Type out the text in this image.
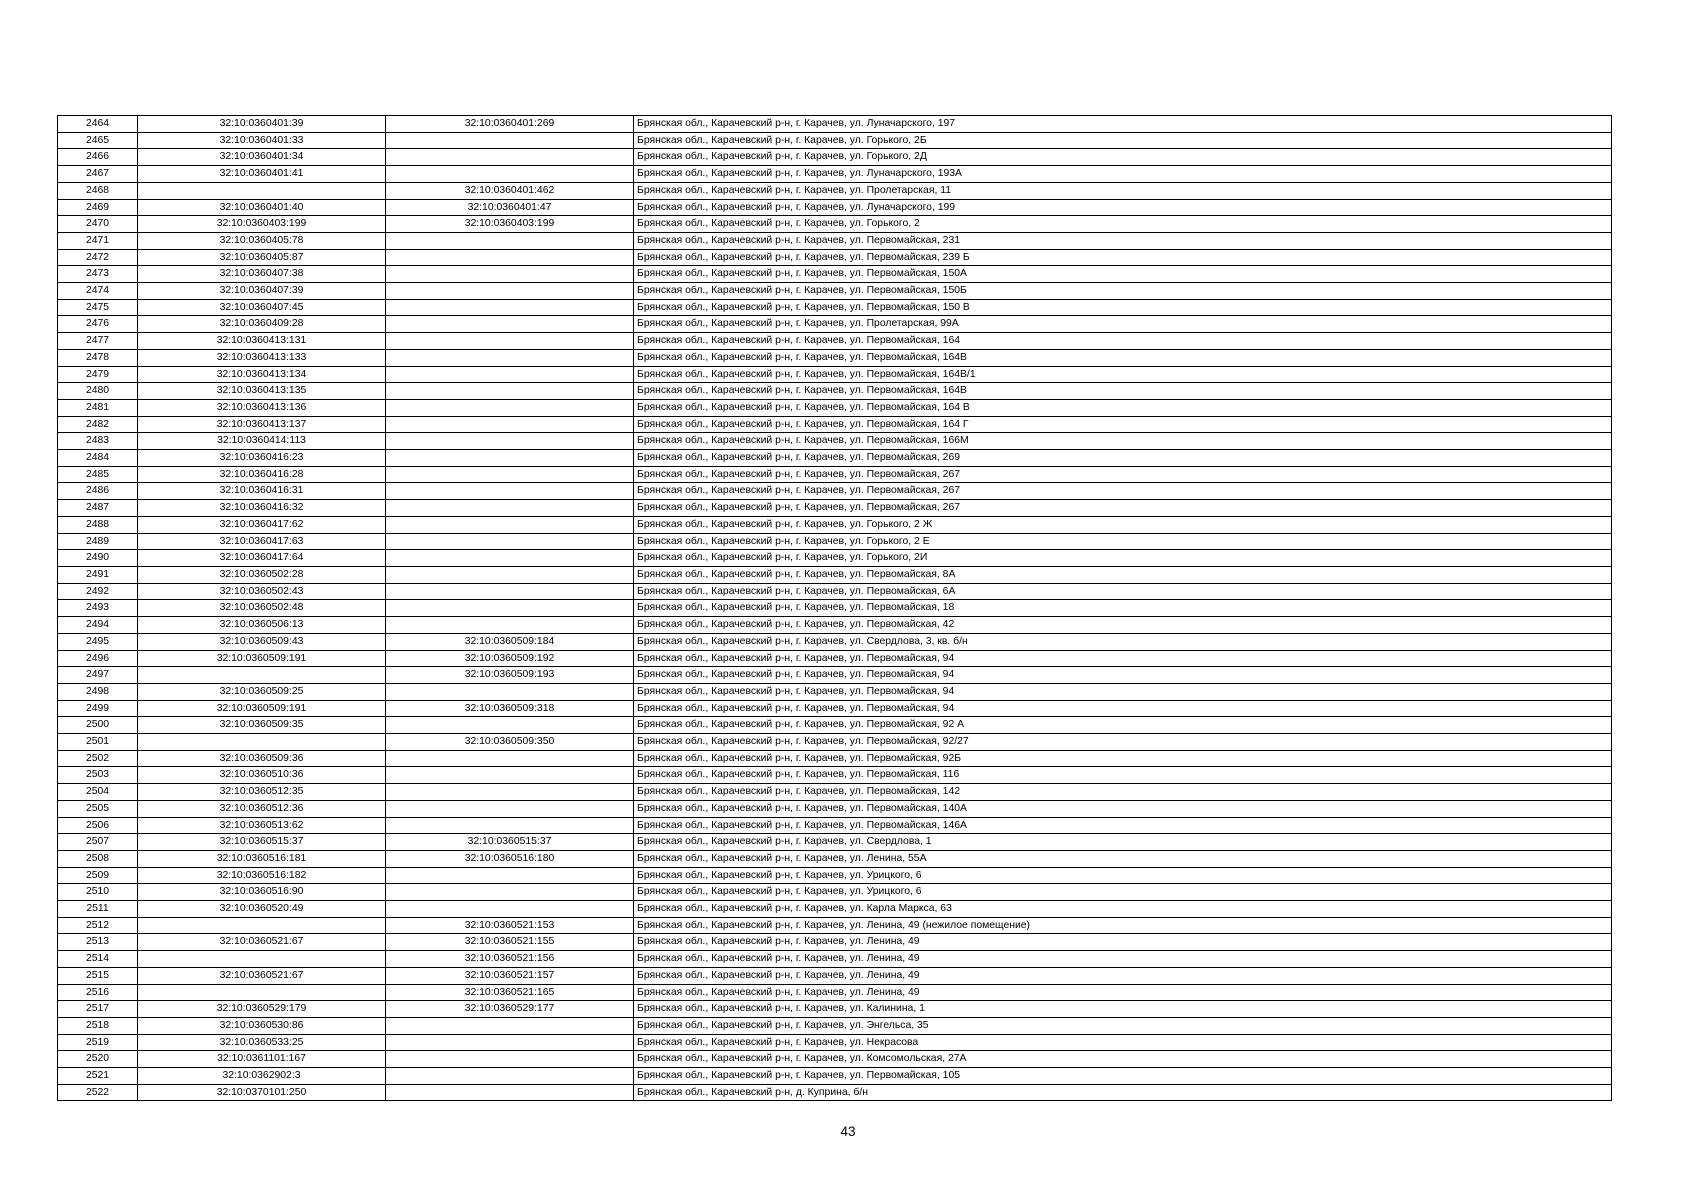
2464	32:10:0360401:39	32:10:0360401:269	Брянская обл., Карачевский р-н, г. Карачев, ул. Луначарского, 197
2465	32:10:0360401:33		Брянская обл., Карачевский р-н, г. Карачев, ул. Горького, 2Б
2466	32:10:0360401:34		Брянская обл., Карачевский р-н, г. Карачев, ул. Горького, 2Д
2467	32:10:0360401:41		Брянская обл., Карачевский р-н, г. Карачев, ул. Луначарского, 193А
2468		32:10:0360401:462	Брянская обл., Карачевский р-н, г. Карачев, ул. Пролетарская, 11
2469	32:10:0360401:40	32:10:0360401:47	Брянская обл., Карачевский р-н, г. Карачев, ул. Луначарского, 199
2470	32:10:0360403:199	32:10:0360403:199	Брянская обл., Карачевский р-н, г. Карачев, ул. Горького, 2
2471	32:10:0360405:78		Брянская обл., Карачевский р-н, г. Карачев, ул. Первомайская, 231
2472	32:10:0360405:87		Брянская обл., Карачевский р-н, г. Карачев, ул. Первомайская, 239 Б
2473	32:10:0360407:38		Брянская обл., Карачевский р-н, г. Карачев, ул. Первомайская, 150А
2474	32:10:0360407:39		Брянская обл., Карачевский р-н, г. Карачев, ул. Первомайская, 150Б
2475	32:10:0360407:45		Брянская обл., Карачевский р-н, г. Карачев, ул. Первомайская, 150 В
2476	32:10:0360409:28		Брянская обл., Карачевский р-н, г. Карачев, ул. Пролетарская, 99А
2477	32:10:0360413:131		Брянская обл., Карачевский р-н, г. Карачев, ул. Первомайская, 164
2478	32:10:0360413:133		Брянская обл., Карачевский р-н, г. Карачев, ул. Первомайская, 164В
2479	32:10:0360413:134		Брянская обл., Карачевский р-н, г. Карачев, ул. Первомайская, 164В/1
2480	32:10:0360413:135		Брянская обл., Карачевский р-н, г. Карачев, ул. Первомайская, 164В
2481	32:10:0360413:136		Брянская обл., Карачевский р-н, г. Карачев, ул. Первомайская, 164 В
2482	32:10:0360413:137		Брянская обл., Карачевский р-н, г. Карачев, ул. Первомайская, 164 Г
2483	32:10:0360414:113		Брянская обл., Карачевский р-н, г. Карачев, ул. Первомайская, 166М
2484	32:10:0360416:23		Брянская обл., Карачевский р-н, г. Карачев, ул. Первомайская, 269
2485	32:10:0360416:28		Брянская обл., Карачевский р-н, г. Карачев, ул. Первомайская, 267
2486	32:10:0360416:31		Брянская обл., Карачевский р-н, г. Карачев, ул. Первомайская, 267
2487	32:10:0360416:32		Брянская обл., Карачевский р-н, г. Карачев, ул. Первомайская, 267
2488	32:10:0360417:62		Брянская обл., Карачевский р-н, г. Карачев, ул. Горького, 2 Ж
2489	32:10:0360417:63		Брянская обл., Карачевский р-н, г. Карачев, ул. Горького, 2 Е
2490	32:10:0360417:64		Брянская обл., Карачевский р-н, г. Карачев, ул. Горького, 2И
2491	32:10:0360502:28		Брянская обл., Карачевский р-н, г. Карачев, ул. Первомайская, 8А
2492	32:10:0360502:43		Брянская обл., Карачевский р-н, г. Карачев, ул. Первомайская, 6А
2493	32:10:0360502:48		Брянская обл., Карачевский р-н, г. Карачев, ул. Первомайская, 18
2494	32:10:0360506:13		Брянская обл., Карачевский р-н, г. Карачев, ул. Первомайская, 42
2495	32:10:0360509:43	32:10:0360509:184	Брянская обл., Карачевский р-н, г. Карачев, ул. Свердлова, 3, кв. б/н
2496	32:10:0360509:191	32:10:0360509:192	Брянская обл., Карачевский р-н, г. Карачев, ул. Первомайская, 94
2497		32:10:0360509:193	Брянская обл., Карачевский р-н, г. Карачев, ул. Первомайская, 94
2498	32:10:0360509:25		Брянская обл., Карачевский р-н, г. Карачев, ул. Первомайская, 94
2499	32:10:0360509:191	32:10:0360509:318	Брянская обл., Карачевский р-н, г. Карачев, ул. Первомайская, 94
2500	32:10:0360509:35		Брянская обл., Карачевский р-н, г. Карачев, ул. Первомайская, 92 А
2501		32:10:0360509:350	Брянская обл., Карачевский р-н, г. Карачев, ул. Первомайская, 92/27
2502	32:10:0360509:36		Брянская обл., Карачевский р-н, г. Карачев, ул. Первомайская, 92Б
2503	32:10:0360510:36		Брянская обл., Карачевский р-н, г. Карачев, ул. Первомайская, 116
2504	32:10:0360512:35		Брянская обл., Карачевский р-н, г. Карачев, ул. Первомайская, 142
2505	32:10:0360512:36		Брянская обл., Карачевский р-н, г. Карачев, ул. Первомайская, 140А
2506	32:10:0360513:62		Брянская обл., Карачевский р-н, г. Карачев, ул. Первомайская, 146А
2507	32:10:0360515:37	32:10:0360515:37	Брянская обл., Карачевский р-н, г. Карачев, ул. Свердлова, 1
2508	32:10:0360516:181	32:10:0360516:180	Брянская обл., Карачевский р-н, г. Карачев, ул. Ленина, 55А
2509	32:10:0360516:182		Брянская обл., Карачевский р-н, г. Карачев, ул. Урицкого, 6
2510	32:10:0360516:90		Брянская обл., Карачевский р-н, г. Карачев, ул. Урицкого, 6
2511	32:10:0360520:49		Брянская обл., Карачевский р-н, г. Карачев, ул. Карла Маркса, 63
2512		32:10:0360521:153	Брянская обл., Карачевский р-н, г. Карачев, ул. Ленина, 49 (нежилое помещение)
2513	32:10:0360521:67	32:10:0360521:155	Брянская обл., Карачевский р-н, г. Карачев, ул. Ленина, 49
2514		32:10:0360521:156	Брянская обл., Карачевский р-н, г. Карачев, ул. Ленина, 49
2515	32:10:0360521:67	32:10:0360521:157	Брянская обл., Карачевский р-н, г. Карачев, ул. Ленина, 49
2516		32:10:0360521:165	Брянская обл., Карачевский р-н, г. Карачев, ул. Ленина, 49
2517	32:10:0360529:179	32:10:0360529:177	Брянская обл., Карачевский р-н, г. Карачев, ул. Калинина, 1
2518	32:10:0360530:86		Брянская обл., Карачевский р-н, г. Карачев, ул. Энгельса, 35
2519	32:10:0360533:25		Брянская обл., Карачевский р-н, г. Карачев, ул. Некрасова
2520	32:10:0361101:167		Брянская обл., Карачевский р-н, г. Карачев, ул. Комсомольская, 27А
2521	32:10:0362902:3		Брянская обл., Карачевский р-н, г. Карачев, ул. Первомайская, 105
2522	32:10:0370101:250		Брянская обл., Карачевский р-н, д. Куприна, б/н
43
